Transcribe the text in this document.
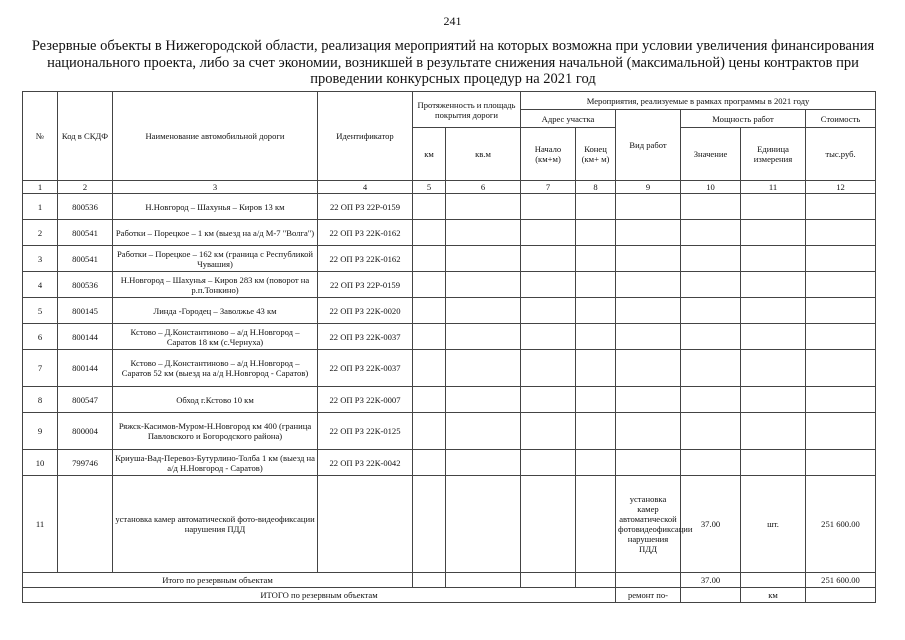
241
Резервные объекты в Нижегородской области, реализация мероприятий на которых возможна при условии увеличения финансирования национального проекта, либо за счет экономии, возникшей в результате снижения начальной (максимальной) цены контрактов при проведении конкурсных процедур на 2021 год
№	Код в СКДФ	Наименование автомобильной дороги	Идентификатор	Протяженность и площадь покрытия дороги		Мероприятия, реализуемые в рамках программы в 2021 году					
						Адрес участка		Вид работ	Мощность работ		Стоимость
				км	кв.м	Начало (км+м)	Конец (км+ м)		Значение	Единица измерения	тыс.руб.
1	2	3	4	5	6	7	8	9	10	11	12
1	800536	Н.Новгород – Шахунья – Киров 13 км	22 ОП РЗ 22Р-0159								
2	800541	Работки – Порецкое – 1 км (выезд на а/д М-7 "Волга")	22 ОП РЗ 22К-0162								
3	800541	Работки – Порецкое – 162 км (граница с Республикой Чувашия)	22 ОП РЗ 22К-0162								
4	800536	Н.Новгород – Шахунья – Киров 283 км (поворот на р.п.Тонкино)	22 ОП РЗ 22Р-0159								
5	800145	Линда -Городец – Заволжье 43 км	22 ОП РЗ 22К-0020								
6	800144	Кстово – Д.Константиново – а/д Н.Новгород – Саратов 18 км (с.Чернуха)	22 ОП РЗ 22К-0037								
7	800144	Кстово – Д.Константиново – а/д Н.Новгород – Саратов 52 км (выезд на а/д Н.Новгород - Саратов)	22 ОП РЗ 22К-0037								
8	800547	Обход г.Кстово 10 км	22 ОП РЗ 22К-0007								
9	800004	Ряжск-Касимов-Муром-Н.Новгород км 400 (граница Павловского и Богородского района)	22 ОП РЗ 22К-0125								
10	799746	Криуша-Вад-Перевоз-Бутурлино-Толба 1 км (выезд на а/д Н.Новгород - Саратов)	22 ОП РЗ 22К-0042								
11		установка камер автоматической фото-видеофиксации нарушения ПДД						установка камер автоматической фотовидеофиксации нарушения ПДД	37.00	шт.	251 600.00
Итого по резервным объектам									37.00		251 600.00
ИТОГО по резервным объектам								ремонт по-		км	
